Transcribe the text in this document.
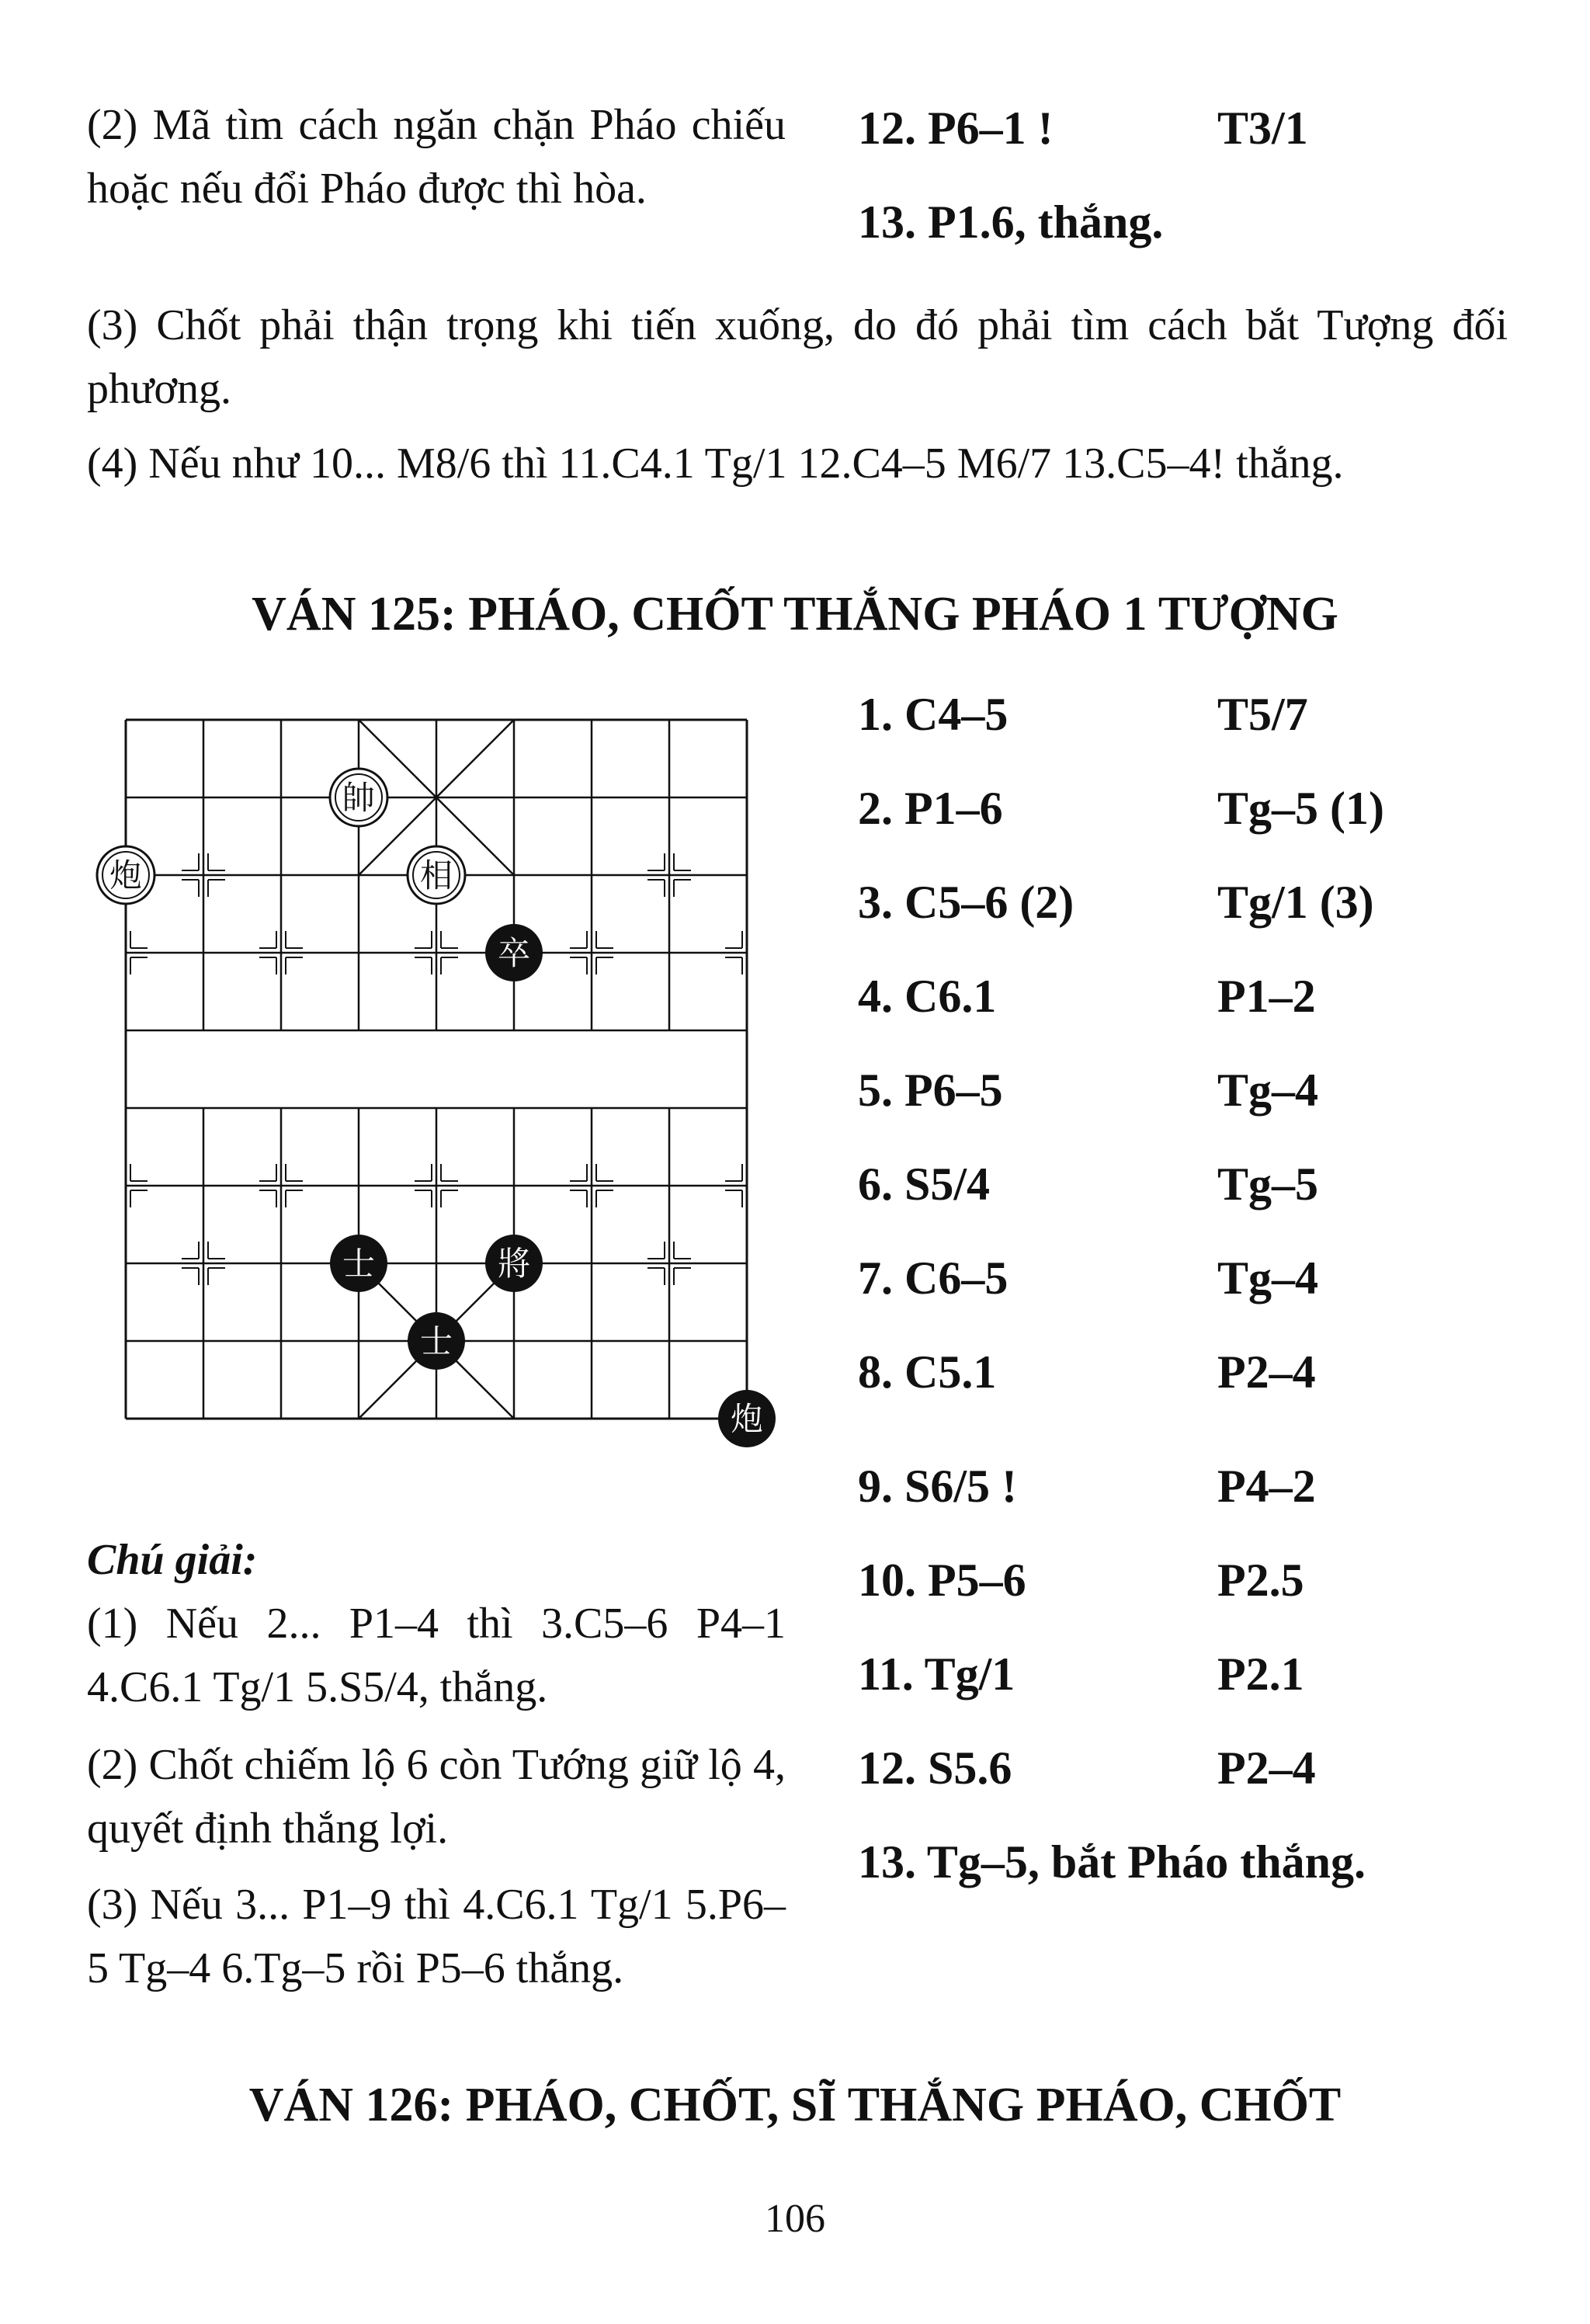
(2) Mã tìm cách ngăn chặn Pháo chiếu hoặc nếu đổi Pháo được thì hòa.
12. P6–1 !	T3/1
13. P1.6, thắng.
(3) Chốt phải thận trọng khi tiến xuống, do đó phải tìm cách bắt Tượng đối phương.
(4) Nếu như 10... M8/6 thì 11.C4.1 Tg/1 12.C4–5 M6/7 13.C5–4! thắng.
VÁN 125: PHÁO, CHỐT THẮNG PHÁO 1 TƯỢNG
帥
炮	相
卒
士	將
士
炮
1. C4–5	T5/7
2. P1–6	Tg–5 (1)
3. C5–6 (2)	Tg/1 (3)
4. C6.1	P1–2
5. P6–5	Tg–4
6. S5/4	Tg–5
7. C6–5	Tg–4
8. C5.1	P2–4
9. S6/5 !	P4–2
10. P5–6	P2.5
11. Tg/1	P2.1
12. S5.6	P2–4
13. Tg–5, bắt Pháo thắng.
Chú giải:
(1) Nếu 2... P1–4 thì 3.C5–6 P4–1 4.C6.1 Tg/1 5.S5/4, thắng.
(2) Chốt chiếm lộ 6 còn Tướng giữ lộ 4, quyết định thắng lợi.
(3) Nếu 3... P1–9 thì 4.C6.1 Tg/1 5.P6–5 Tg–4 6.Tg–5 rồi P5–6 thắng.
VÁN 126: PHÁO, CHỐT, SĨ THẮNG PHÁO, CHỐT
106
